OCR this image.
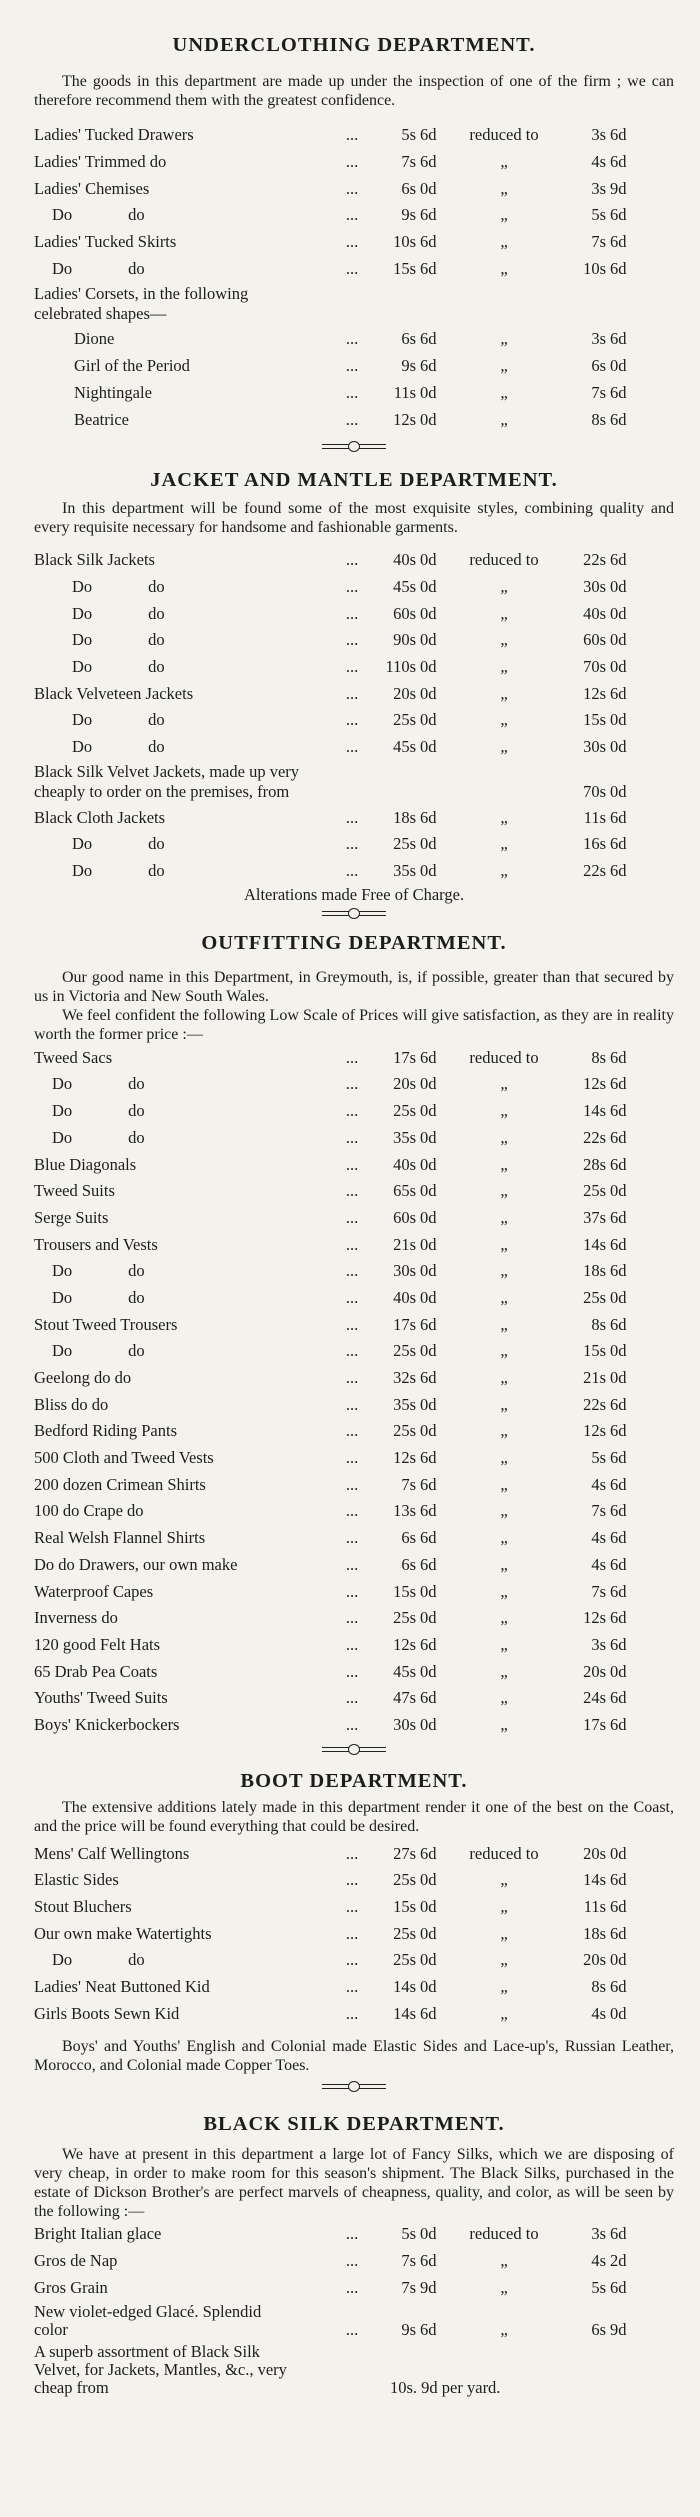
UNDERCLOTHING DEPARTMENT.

The goods in this department are made up under the inspection of one of the firm ; we can therefore recommend them with the greatest confidence.

Ladies' Tucked Drawers	...	5s 6d	reduced to	3s 6d
Ladies' Trimmed do	...	7s 6d	„	4s 6d
Ladies' Chemises	...	6s 0d	„	3s 9d
Do	do	...	9s 6d	„	5s 6d
Ladies' Tucked Skirts	...	10s 6d	„	7s 6d
Do	do	...	15s 6d	„	10s 6d
Ladies' Corsets, in the following celebrated shapes—
Dione	...	6s 6d	„	3s 6d
Girl of the Period	...	9s 6d	„	6s 0d
Nightingale	...	11s 0d	„	7s 6d
Beatrice	...	12s 0d	„	8s 6d
JACKET AND MANTLE DEPARTMENT.

In this department will be found some of the most exquisite styles, combining quality and every requisite necessary for handsome and fashionable garments.

Black Silk Jackets	...	40s 0d	reduced to	22s 6d
Do	do	...	45s 0d	„	30s 0d
Do	do	...	60s 0d	„	40s 0d
Do	do	...	90s 0d	„	60s 0d
Do	do	...	110s 0d	„	70s 0d
Black Velveteen Jackets	...	20s 0d	„	12s 6d
Do	do	...	25s 0d	„	15s 0d
Do	do	...	45s 0d	„	30s 0d
Black Silk Velvet Jackets, made up very cheaply to order on the premises, from	70s 0d
Black Cloth Jackets	...	18s 6d	„	11s 6d
Do	do	...	25s 0d	„	16s 6d
Do	do	...	35s 0d	„	22s 6d

Alterations made Free of Charge.

OUTFITTING DEPARTMENT.

Our good name in this Department, in Greymouth, is, if possible, greater than that secured by us in Victoria and New South Wales.

We feel confident the following Low Scale of Prices will give satisfaction, as they are in reality worth the former price :—

Tweed Sacs	...	17s 6d	reduced to	8s 6d
Do	do	...	20s 0d	„	12s 6d
Do	do	...	25s 0d	„	14s 6d
Do	do	...	35s 0d	„	22s 6d
Blue Diagonals	...	40s 0d	„	28s 6d
Tweed Suits	...	65s 0d	„	25s 0d
Serge Suits	...	60s 0d	„	37s 6d
Trousers and Vests	...	21s 0d	„	14s 6d
Do	do	...	30s 0d	„	18s 6d
Do	do	...	40s 0d	„	25s 0d
Stout Tweed Trousers	...	17s 6d	„	8s 6d
Do	do	...	25s 0d	„	15s 0d
Geelong do do	...	32s 6d	„	21s 0d
Bliss do do	...	35s 0d	„	22s 6d
Bedford Riding Pants	...	25s 0d	„	12s 6d
500 Cloth and Tweed Vests	...	12s 6d	„	5s 6d
200 dozen Crimean Shirts	...	7s 6d	„	4s 6d
100 do Crape do	...	13s 6d	„	7s 6d
Real Welsh Flannel Shirts	...	6s 6d	„	4s 6d
Do do Drawers, our own make	...	6s 6d	„	4s 6d
Waterproof Capes	...	15s 0d	„	7s 6d
Inverness do	...	25s 0d	„	12s 6d
120 good Felt Hats	...	12s 6d	„	3s 6d
65 Drab Pea Coats	...	45s 0d	„	20s 0d
Youths' Tweed Suits	...	47s 6d	„	24s 6d
Boys' Knickerbockers	...	30s 0d	„	17s 6d
BOOT DEPARTMENT.

The extensive additions lately made in this department render it one of the best on the Coast, and the price will be found everything that could be desired.

Mens' Calf Wellingtons	...	27s 6d	reduced to	20s 0d
Elastic Sides	...	25s 0d	„	14s 6d
Stout Bluchers	...	15s 0d	„	11s 6d
Our own make Watertights	...	25s 0d	„	18s 6d
Do	do	...	25s 0d	„	20s 0d
Ladies' Neat Buttoned Kid	...	14s 0d	„	8s 6d
Girls Boots Sewn Kid	...	14s 6d	„	4s 0d

Boys' and Youths' English and Colonial made Elastic Sides and Lace-up's, Russian Leather, Morocco, and Colonial made Copper Toes.

BLACK SILK DEPARTMENT.

We have at present in this department a large lot of Fancy Silks, which we are disposing of very cheap, in order to make room for this season's shipment. The Black Silks, purchased in the estate of Dickson Brother's are perfect marvels of cheapness, quality, and color, as will be seen by the following :—

Bright Italian glace	...	5s 0d	reduced to	3s 6d
Gros de Nap	...	7s 6d	„	4s 2d
Gros Grain	...	7s 9d	„	5s 6d
New violet-edged Glacé. Splendid color	...	9s 6d	„	6s 9d
A superb assortment of Black Silk Velvet, for Jackets, Mantles, &c., very cheap from	10s. 9d per yard.
